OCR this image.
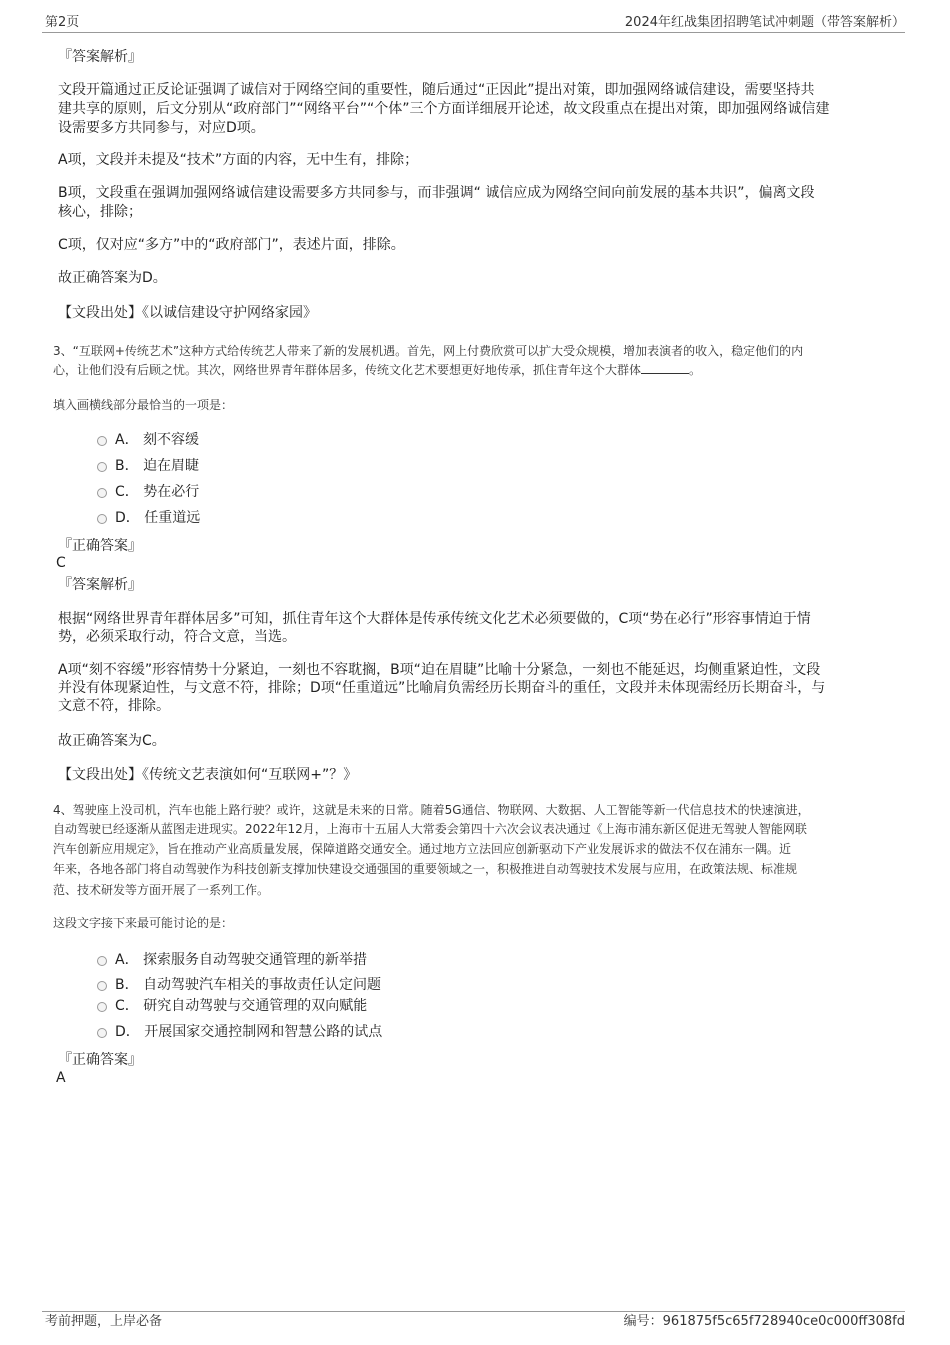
第2页	2024年红战集团招聘笔试冲刺题（带答案解析）
『答案解析』
文段开篇通过正反论证强调了诚信对于网络空间的重要性，随后通过“正因此”提出对策，即加强网络诚信建设，需要坚持共
建共享的原则，后文分别从“政府部门”“网络平台”“个体”三个方面详细展开论述，故文段重点在提出对策，即加强网络诚信建
设需要多方共同参与，对应D项。
A项，文段并未提及“技术”方面的内容，无中生有，排除；
B项，文段重在强调加强网络诚信建设需要多方共同参与，而非强调“ 诚信应成为网络空间向前发展的基本共识”，偏离文段
核心，排除；
C项，仅对应“多方”中的“政府部门”，表述片面，排除。
故正确答案为D。
【文段出处】《以诚信建设守护网络家园》
3、“互联网+传统艺术”这种方式给传统艺人带来了新的发展机遇。首先，网上付费欣赏可以扩大受众规模，增加表演者的收入，稳定他们的内
心，让他们没有后顾之忧。其次，网络世界青年群体居多，传统文化艺术要想更好地传承，抓住青年这个大群体	。
填入画横线部分最恰当的一项是：
A． 刻不容缓
B． 迫在眉睫
C． 势在必行
D． 任重道远
『正确答案』
C
『答案解析』
根据“网络世界青年群体居多”可知，抓住青年这个大群体是传承传统文化艺术必须要做的，C项“势在必行”形容事情迫于情
势，必须采取行动，符合文意，当选。
A项“刻不容缓”形容情势十分紧迫，一刻也不容耽搁，B项“迫在眉睫”比喻十分紧急，一刻也不能延迟，均侧重紧迫性，文段
并没有体现紧迫性，与文意不符，排除；D项“任重道远”比喻肩负需经历长期奋斗的重任，文段并未体现需经历长期奋斗，与
文意不符，排除。
故正确答案为C。
【文段出处】《传统文艺表演如何“互联网+”？》
4、驾驶座上没司机，汽车也能上路行驶？或许，这就是未来的日常。随着5G通信、物联网、大数据、人工智能等新一代信息技术的快速演进，
自动驾驶已经逐渐从蓝图走进现实。2022年12月，上海市十五届人大常委会第四十六次会议表决通过《上海市浦东新区促进无驾驶人智能网联
汽车创新应用规定》，旨在推动产业高质量发展，保障道路交通安全。通过地方立法回应创新驱动下产业发展诉求的做法不仅在浦东一隅。近
年来，各地各部门将自动驾驶作为科技创新支撑加快建设交通强国的重要领域之一，积极推进自动驾驶技术发展与应用，在政策法规、标准规
范、技术研发等方面开展了一系列工作。
这段文字接下来最可能讨论的是：
A． 探索服务自动驾驶交通管理的新举措
B． 自动驾驶汽车相关的事故责任认定问题
C． 研究自动驾驶与交通管理的双向赋能
D． 开展国家交通控制网和智慧公路的试点
『正确答案』
A
考前押题，上岸必备	编号：961875f5c65f728940ce0c000ff308fd
